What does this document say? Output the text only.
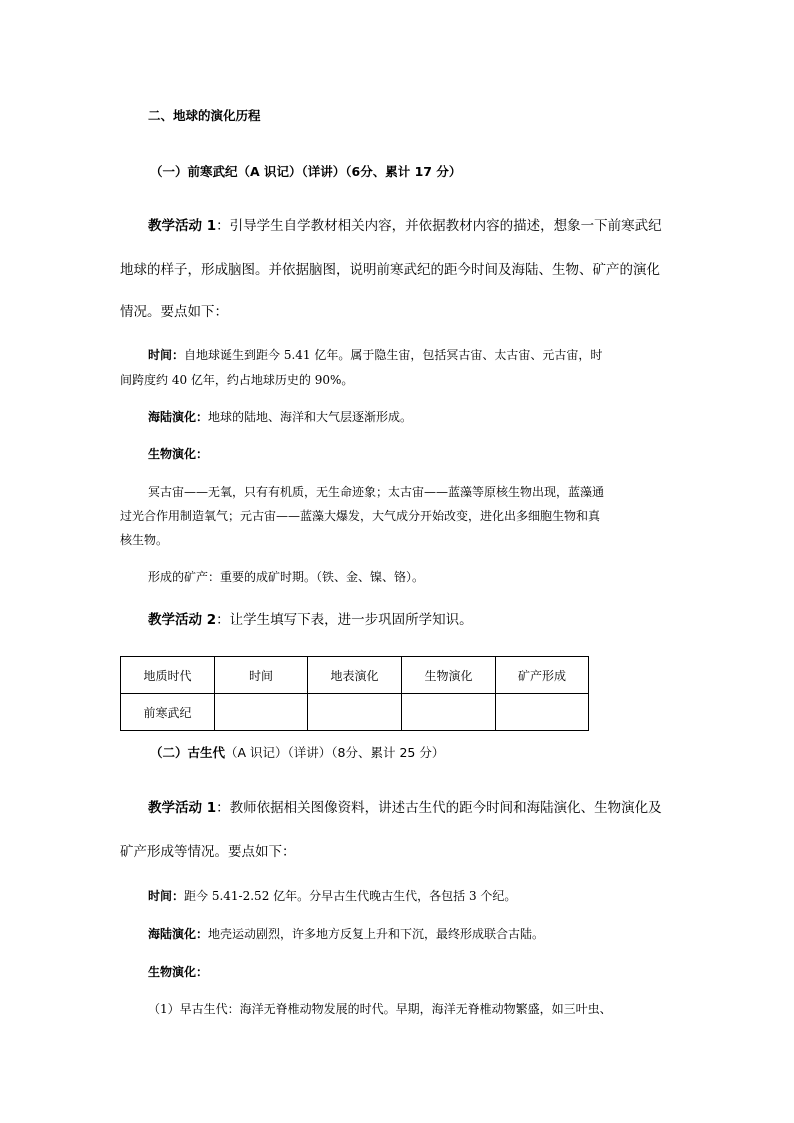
二、地球的演化历程
（一）前寒武纪（A 识记）（详讲）（6分、累计 17 分）
教学活动 1：引导学生自学教材相关内容，并依据教材内容的描述，想象一下前寒武纪
地球的样子，形成脑图。并依据脑图，说明前寒武纪的距今时间及海陆、生物、矿产的演化
情况。要点如下：
时间：自地球诞生到距今 5.41 亿年。属于隐生宙，包括冥古宙、太古宙、元古宙，时
间跨度约 40 亿年，约占地球历史的 90%。
海陆演化：地球的陆地、海洋和大气层逐渐形成。
生物演化：
冥古宙——无氧，只有有机质，无生命迹象；太古宙——蓝藻等原核生物出现，蓝藻通
过光合作用制造氧气；元古宙——蓝藻大爆发，大气成分开始改变，进化出多细胞生物和真
核生物。
形成的矿产：重要的成矿时期。（铁、金、镍、铬）。
教学活动 2：让学生填写下表，进一步巩固所学知识。
地质时代	时间	地表演化	生物演化	矿产形成
前寒武纪				
（二）古生代（A 识记）（详讲）（8分、累计 25 分）
教学活动 1：教师依据相关图像资料，讲述古生代的距今时间和海陆演化、生物演化及
矿产形成等情况。要点如下：
时间：距今 5.41-2.52 亿年。分早古生代晚古生代，各包括 3 个纪。
海陆演化：地壳运动剧烈，许多地方反复上升和下沉，最终形成联合古陆。
生物演化：
（1）早古生代：海洋无脊椎动物发展的时代。早期，海洋无脊椎动物繁盛，如三叶虫、
